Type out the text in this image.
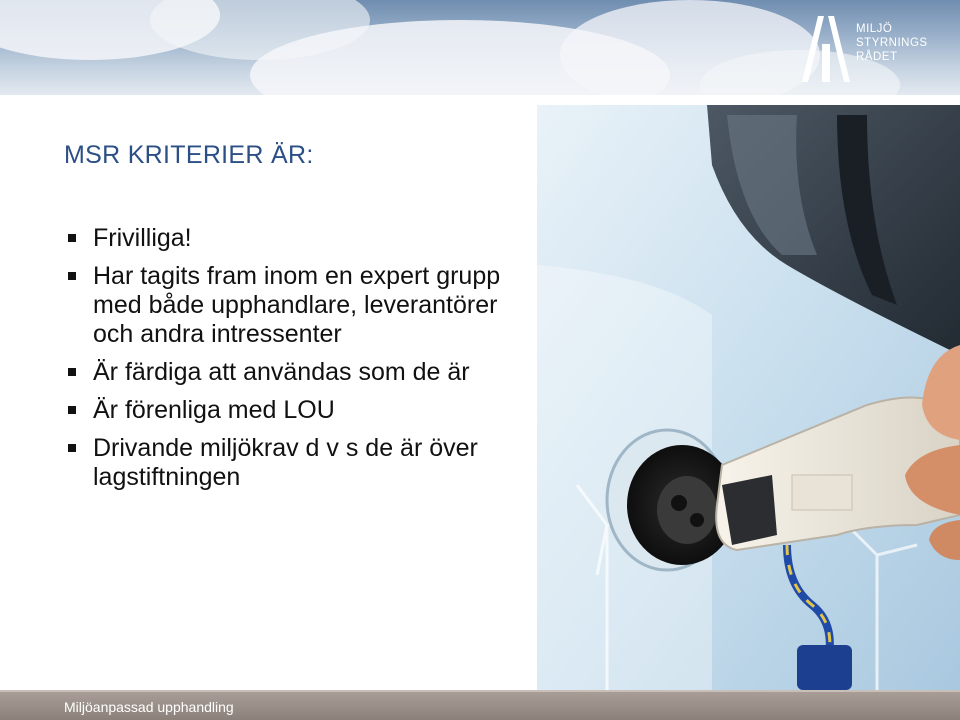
MILJÖ
STYRNINGS
RÅDET
MSR KRITERIER ÄR:
Frivilliga!
Har tagits fram inom en expert grupp med både upphandlare, leverantörer och andra intressenter
Är färdiga att användas som de är
Är förenliga med LOU
Drivande miljökrav d v s de är över lagstiftningen
Miljöanpassad upphandling
